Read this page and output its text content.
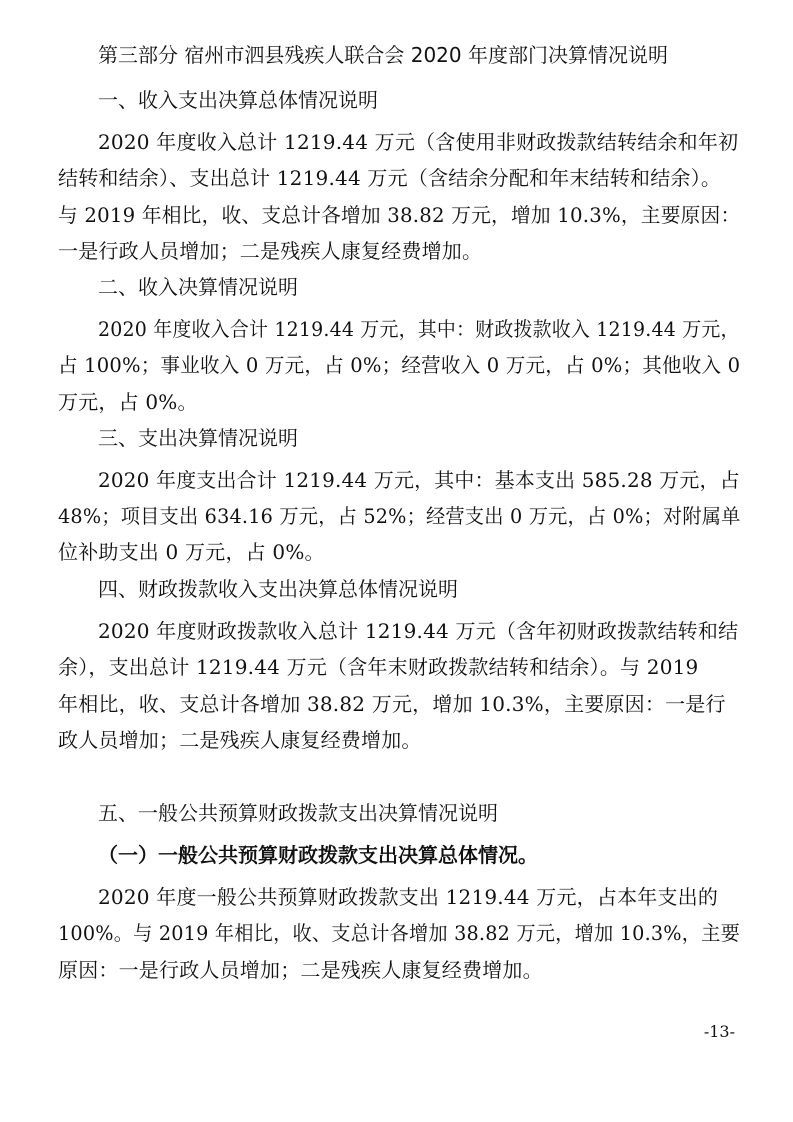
第三部分 宿州市泗县残疾人联合会 2020 年度部门决算情况说明
一、收入支出决算总体情况说明
2020 年度收入总计 1219.44 万元（含使用非财政拨款结转结余和年初
结转和结余）、支出总计 1219.44 万元（含结余分配和年末结转和结余）。
与 2019 年相比，收、支总计各增加 38.82 万元，增加 10.3%，主要原因：
一是行政人员增加；二是残疾人康复经费增加。
二、收入决算情况说明
2020 年度收入合计 1219.44 万元，其中：财政拨款收入 1219.44 万元，
占 100%；事业收入 0 万元，占 0%；经营收入 0 万元，占 0%；其他收入 0
万元，占 0%。
三、支出决算情况说明
2020 年度支出合计 1219.44 万元，其中：基本支出 585.28 万元，占
48%；项目支出 634.16 万元，占 52%；经营支出 0 万元，占 0%；对附属单
位补助支出 0 万元，占 0%。
四、财政拨款收入支出决算总体情况说明
2020 年度财政拨款收入总计 1219.44 万元（含年初财政拨款结转和结
余），支出总计 1219.44 万元（含年末财政拨款结转和结余）。与 2019
年相比，收、支总计各增加 38.82 万元，增加 10.3%，主要原因：一是行
政人员增加；二是残疾人康复经费增加。
五、一般公共预算财政拨款支出决算情况说明
（一）一般公共预算财政拨款支出决算总体情况。
2020 年度一般公共预算财政拨款支出 1219.44 万元，占本年支出的
100%。与 2019 年相比，收、支总计各增加 38.82 万元，增加 10.3%，主要
原因：一是行政人员增加；二是残疾人康复经费增加。
-13-
